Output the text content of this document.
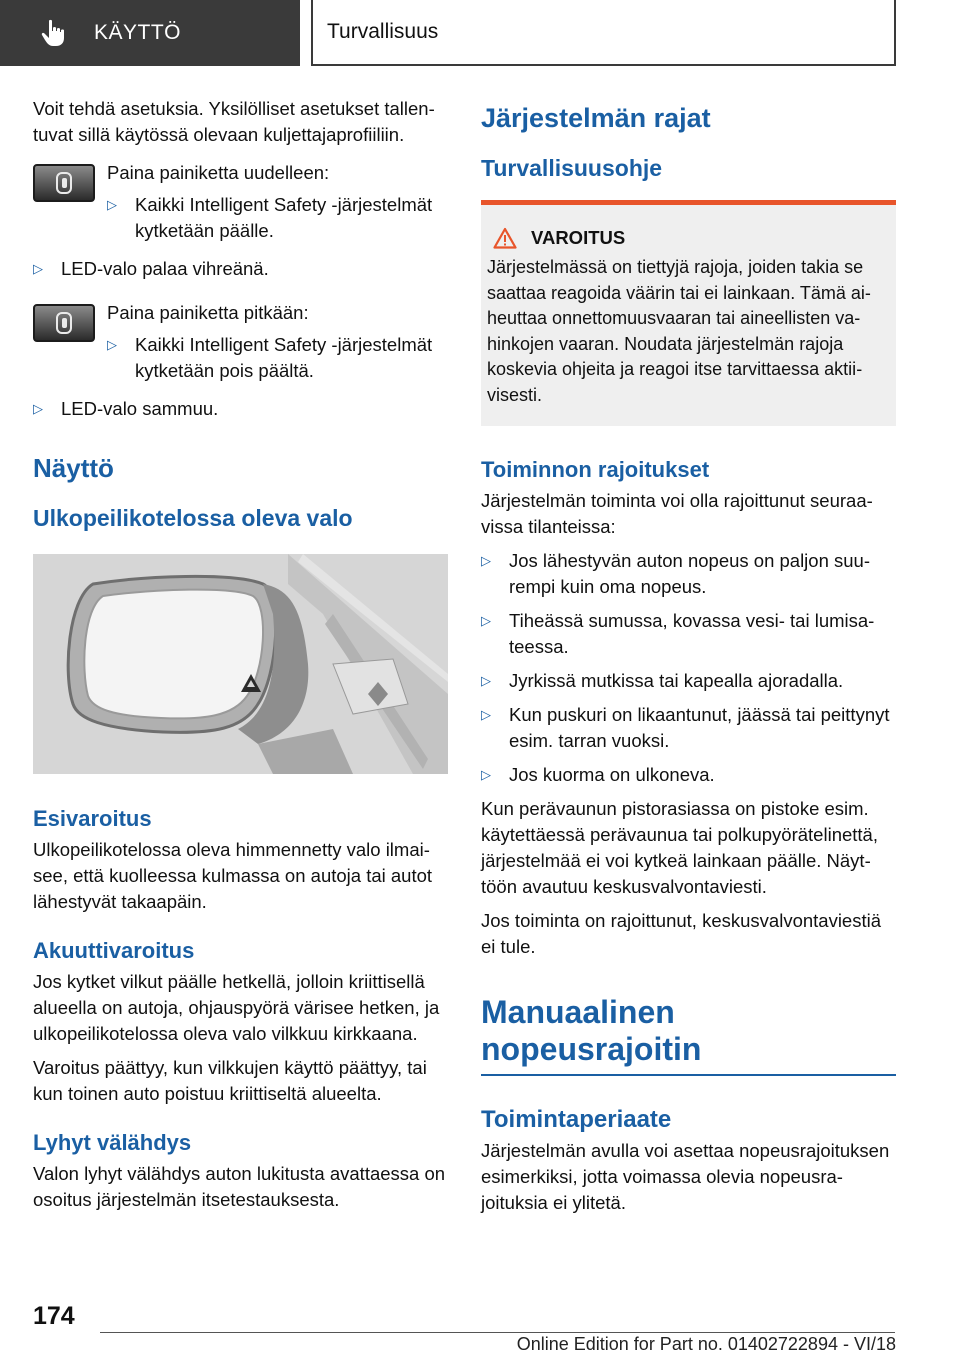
KÄYTTÖ	Turvallisuus

Voit tehdä asetuksia. Yksilölliset asetukset tallentuvat sillä käytössä olevaan kuljettajaprofiiliin.

Paina painiketta uudelleen:

▷ Kaikki Intelligent Safety -järjestelmät kytketään päälle.
▷ LED-valo palaa vihreänä.

Paina painiketta pitkään:

▷ Kaikki Intelligent Safety -järjestelmät kytketään pois päältä.
▷ LED-valo sammuu.
Näyttö
Ulkopeilikotelossa oleva valo
Esivaroitus

Ulkopeilikotelossa oleva himmennetty valo ilmaisee, että kuolleessa kulmassa on autoja tai autot lähestyvät takaapäin.

Akuuttivaroitus

Jos kytket vilkut päälle hetkellä, jolloin kriittisellä alueella on autoja, ohjauspyörä värisee hetken, ja ulkopeilikotelossa oleva valo vilkkuu kirkkaana.

Varoitus päättyy, kun vilkkujen käyttö päättyy, tai kun toinen auto poistuu kriittiseltä alueelta.

Lyhyt välähdys

Valon lyhyt välähdys auton lukitusta avattaessa on osoitus järjestelmän itsetestauksesta.

Järjestelmän rajat
Turvallisuusohje
VAROITUS

Järjestelmässä on tiettyjä rajoja, joiden takia se saattaa reagoida väärin tai ei lainkaan. Tämä aiheuttaa onnettomuusvaaran tai aineellisten vahinkojen vaaran. Noudata järjestelmän rajoja koskevia ohjeita ja reagoi itse tarvittaessa aktiivisesti.

Toiminnon rajoitukset

Järjestelmän toiminta voi olla rajoittunut seuraavissa tilanteissa:

▷ Jos lähestyvän auton nopeus on paljon suurempi kuin oma nopeus.
▷ Tiheässä sumussa, kovassa vesi- tai lumisateessa.
▷ Jyrkissä mutkissa tai kapealla ajoradalla.
▷ Kun puskuri on likaantunut, jäässä tai peittynyt esim. tarran vuoksi.
▷ Jos kuorma on ulkoneva.

Kun perävaunun pistorasiassa on pistoke esim. käytettäessä perävaunua tai polkupyörätelinettä, järjestelmää ei voi kytkeä lainkaan päälle. Näyttöön avautuu keskusvalvontaviesti.

Jos toiminta on rajoittunut, keskusvalvontaviestiä ei tule.

Manuaalinen nopeusrajoitin
Toimintaperiaate

Järjestelmän avulla voi asettaa nopeusrajoituksen esimerkiksi, jotta voimassa olevia nopeusrajoituksia ei ylitetä.

174
Online Edition for Part no. 01402722894 - VI/18
